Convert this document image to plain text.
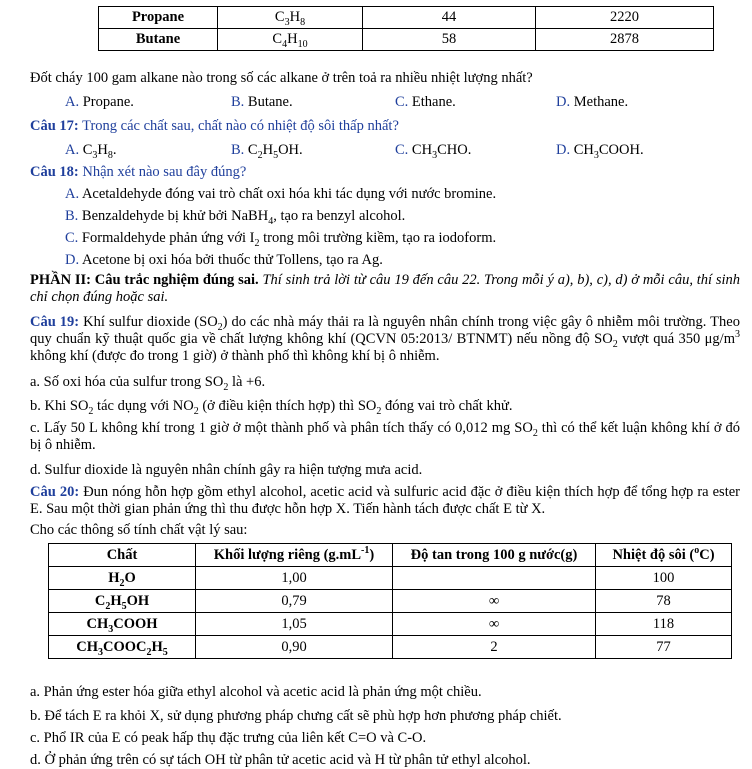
Propane	$C_3H_8$	44	2220
Butane	$C_4H_{10}$	58	2878
Đốt cháy 100 gam alkane nào trong số các alkane ở trên toả ra nhiều nhiệt lượng nhất?
A. Propane.	B. Butane.	C. Ethane.	D. Methane.
Câu 17: Trong các chất sau, chất nào có nhiệt độ sôi thấp nhất?
A. $C_3H_8$.	B. $C_2H_5OH$.	C. $CH_3CHO$.	D. $CH_3COOH$.
Câu 18: Nhận xét nào sau đây đúng?
A. Acetaldehyde đóng vai trò chất oxi hóa khi tác dụng với nước bromine.
B. Benzaldehyde bị khử bởi NaBH$_4$, tạo ra benzyl alcohol.
C. Formaldehyde phản ứng với $I_2$ trong môi trường kiềm, tạo ra iodoform.
D. Acetone bị oxi hóa bởi thuốc thử Tollens, tạo ra Ag.
PHẦN II: Câu trắc nghiệm đúng sai. Thí sinh trả lời từ câu 19 đến câu 22. Trong mỗi ý a), b), c), d) ở mỗi câu, thí sinh chỉ chọn đúng hoặc sai.
Câu 19: Khí sulfur dioxide $(SO_2)$ do các nhà máy thải ra là nguyên nhân chính trong việc gây ô nhiễm môi trường. Theo quy chuẩn kỹ thuật quốc gia về chất lượng không khí (QCVN 05:2013/ BTNMT) nếu nồng độ $SO_2$ vượt quá 350 $\mu g/m^3$ không khí (được đo trong 1 giờ) ở thành phố thì không khí bị ô nhiễm.
a. Số oxi hóa của sulfur trong $SO_2$ là +6.
b. Khi $SO_2$ tác dụng với $NO_2$ (ở điều kiện thích hợp) thì $SO_2$ đóng vai trò chất khử.
c. Lấy 50 L không khí trong 1 giờ ở một thành phố và phân tích thấy có 0,012 mg $SO_2$ thì có thể kết luận không khí ở đó bị ô nhiễm.
d. Sulfur dioxide là nguyên nhân chính gây ra hiện tượng mưa acid.
Câu 20: Đun nóng hỗn hợp gồm ethyl alcohol, acetic acid và sulfuric acid đặc ở điều kiện thích hợp để tổng hợp ra ester E. Sau một thời gian phản ứng thì thu được hỗn hợp X. Tiến hành tách được chất E từ X.
Cho các thông số tính chất vật lý sau:
Chất	Khối lượng riêng $(g.mL^{-1})$	Độ tan trong 100 g nước(g)	Nhiệt độ sôi ($^o$C)
$H_2O$	1,00		100
$C_2H_5OH$	0,79	∞	78
$CH_3COOH$	1,05	∞	118
$CH_3COOC_2H_5$	0,90	2	77
a. Phản ứng ester hóa giữa ethyl alcohol và acetic acid là phản ứng một chiều.
b. Để tách E ra khỏi X, sử dụng phương pháp chưng cất sẽ phù hợp hơn phương pháp chiết.
c. Phổ IR của E có peak hấp thụ đặc trưng của liên kết C=O và C-O.
d. Ở phản ứng trên có sự tách OH từ phân tử acetic acid và H từ phân tử ethyl alcohol.
